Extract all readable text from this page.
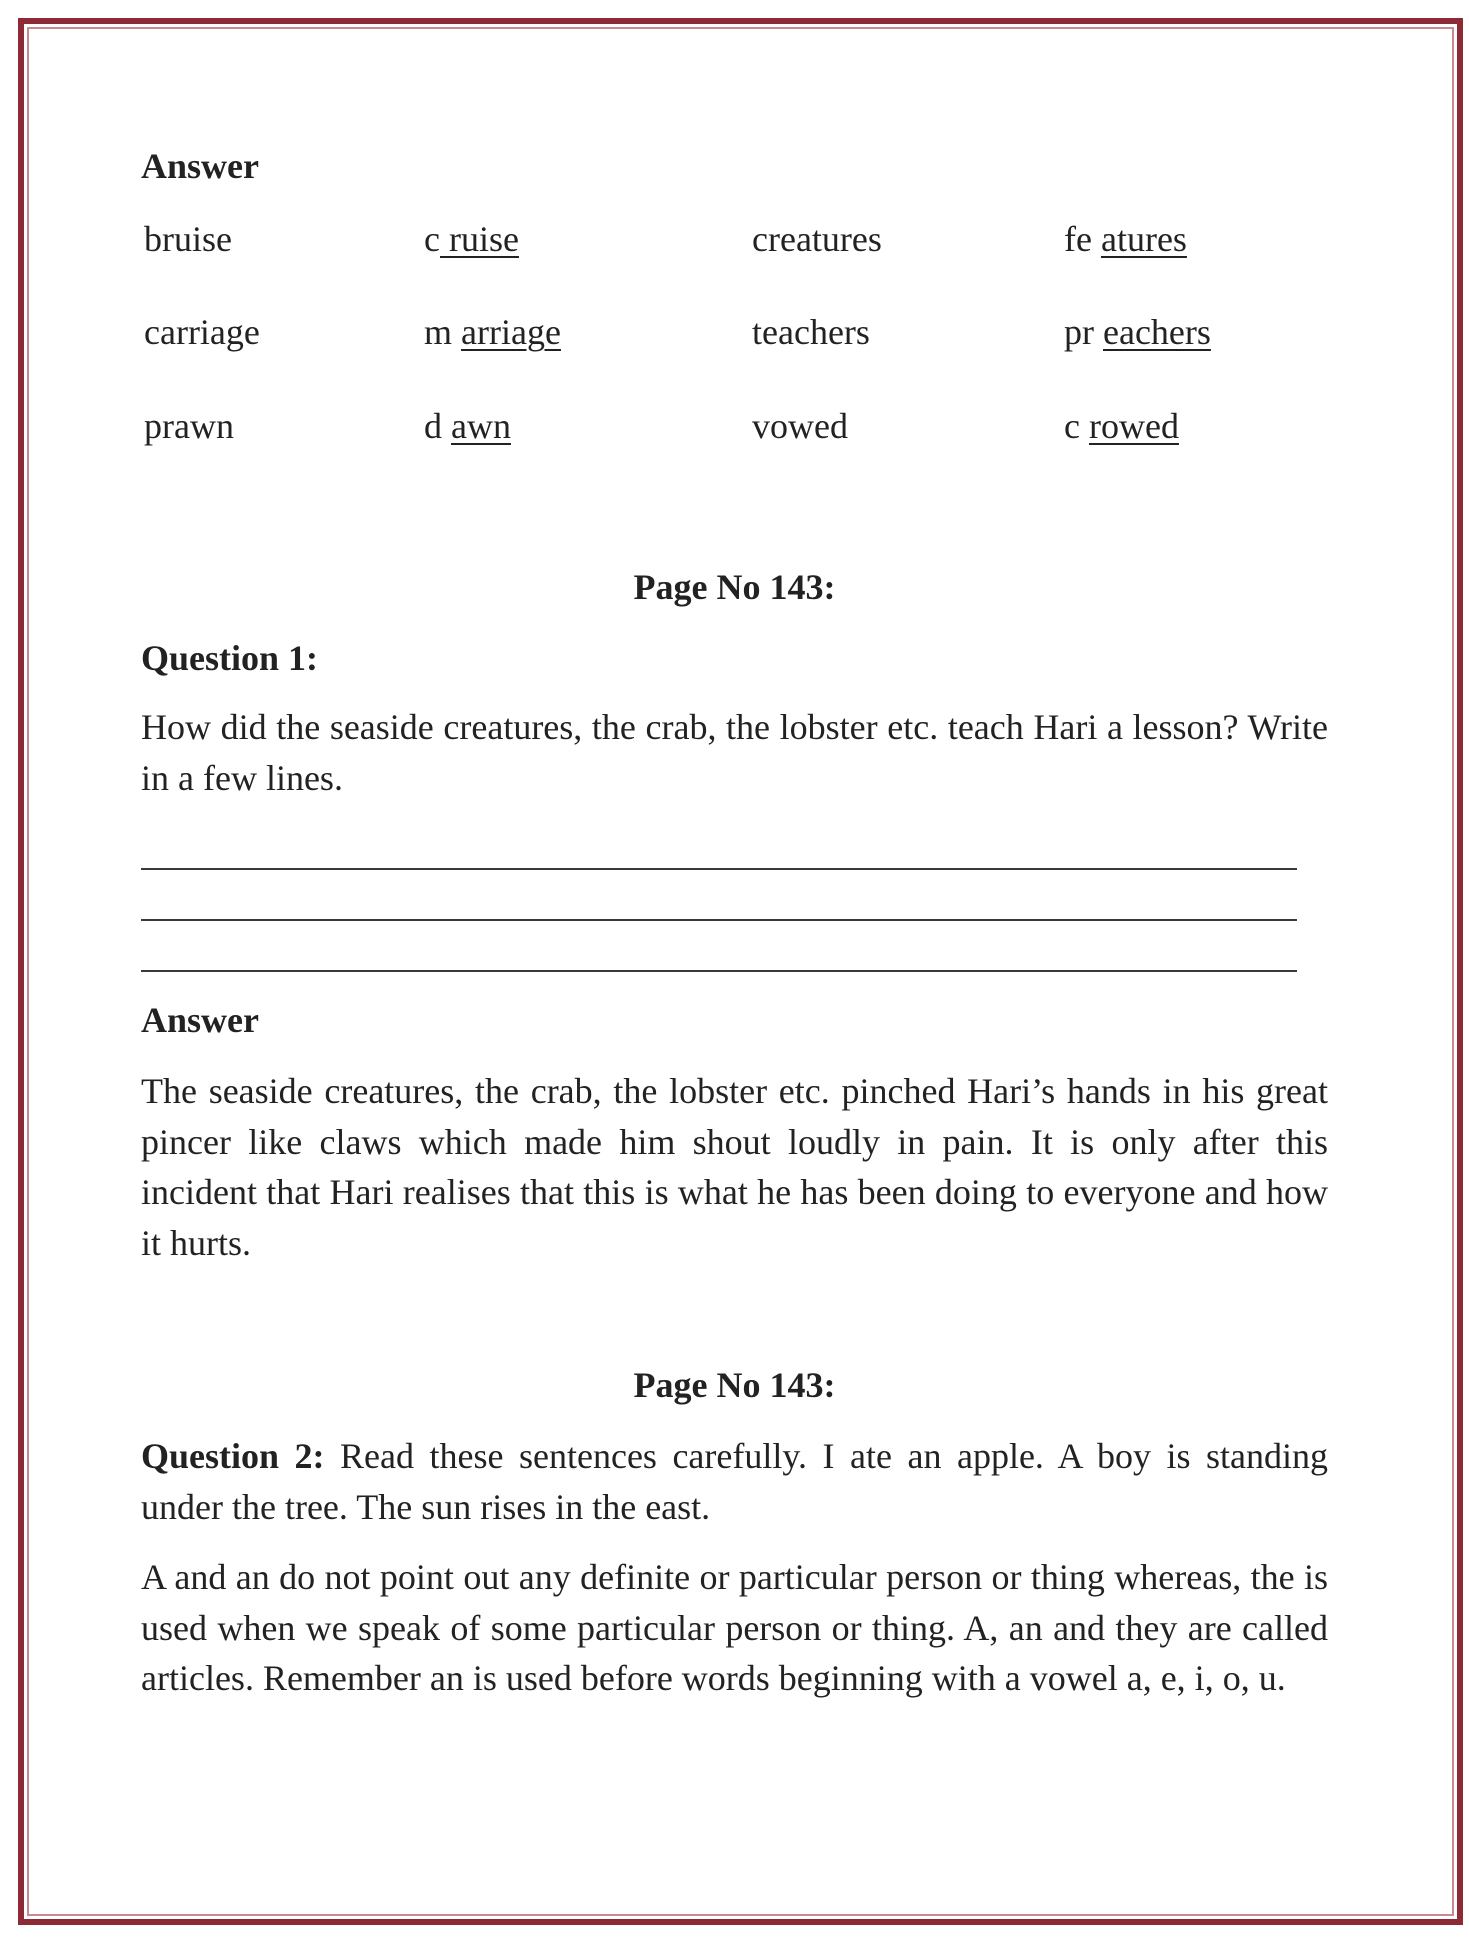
Answer
bruise	c ruise	creatures	fe atures
carriage	m arriage	teachers	pr eachers
prawn	d awn	vowed	c rowed
Page No 143:
Question 1:
How did the seaside creatures, the crab, the lobster etc. teach Hari a lesson? Write in a few lines.
Answer
The seaside creatures, the crab, the lobster etc. pinched Hari’s hands in his great pincer like claws which made him shout loudly in pain. It is only after this incident that Hari realises that this is what he has been doing to everyone and how it hurts.
Page No 143:
Question 2: Read these sentences carefully. I ate an apple. A boy is standing under the tree. The sun rises in the east.
A and an do not point out any definite or particular person or thing whereas, the is used when we speak of some particular person or thing. A, an and they are called articles. Remember an is used before words beginning with a vowel a, e, i, o, u.
